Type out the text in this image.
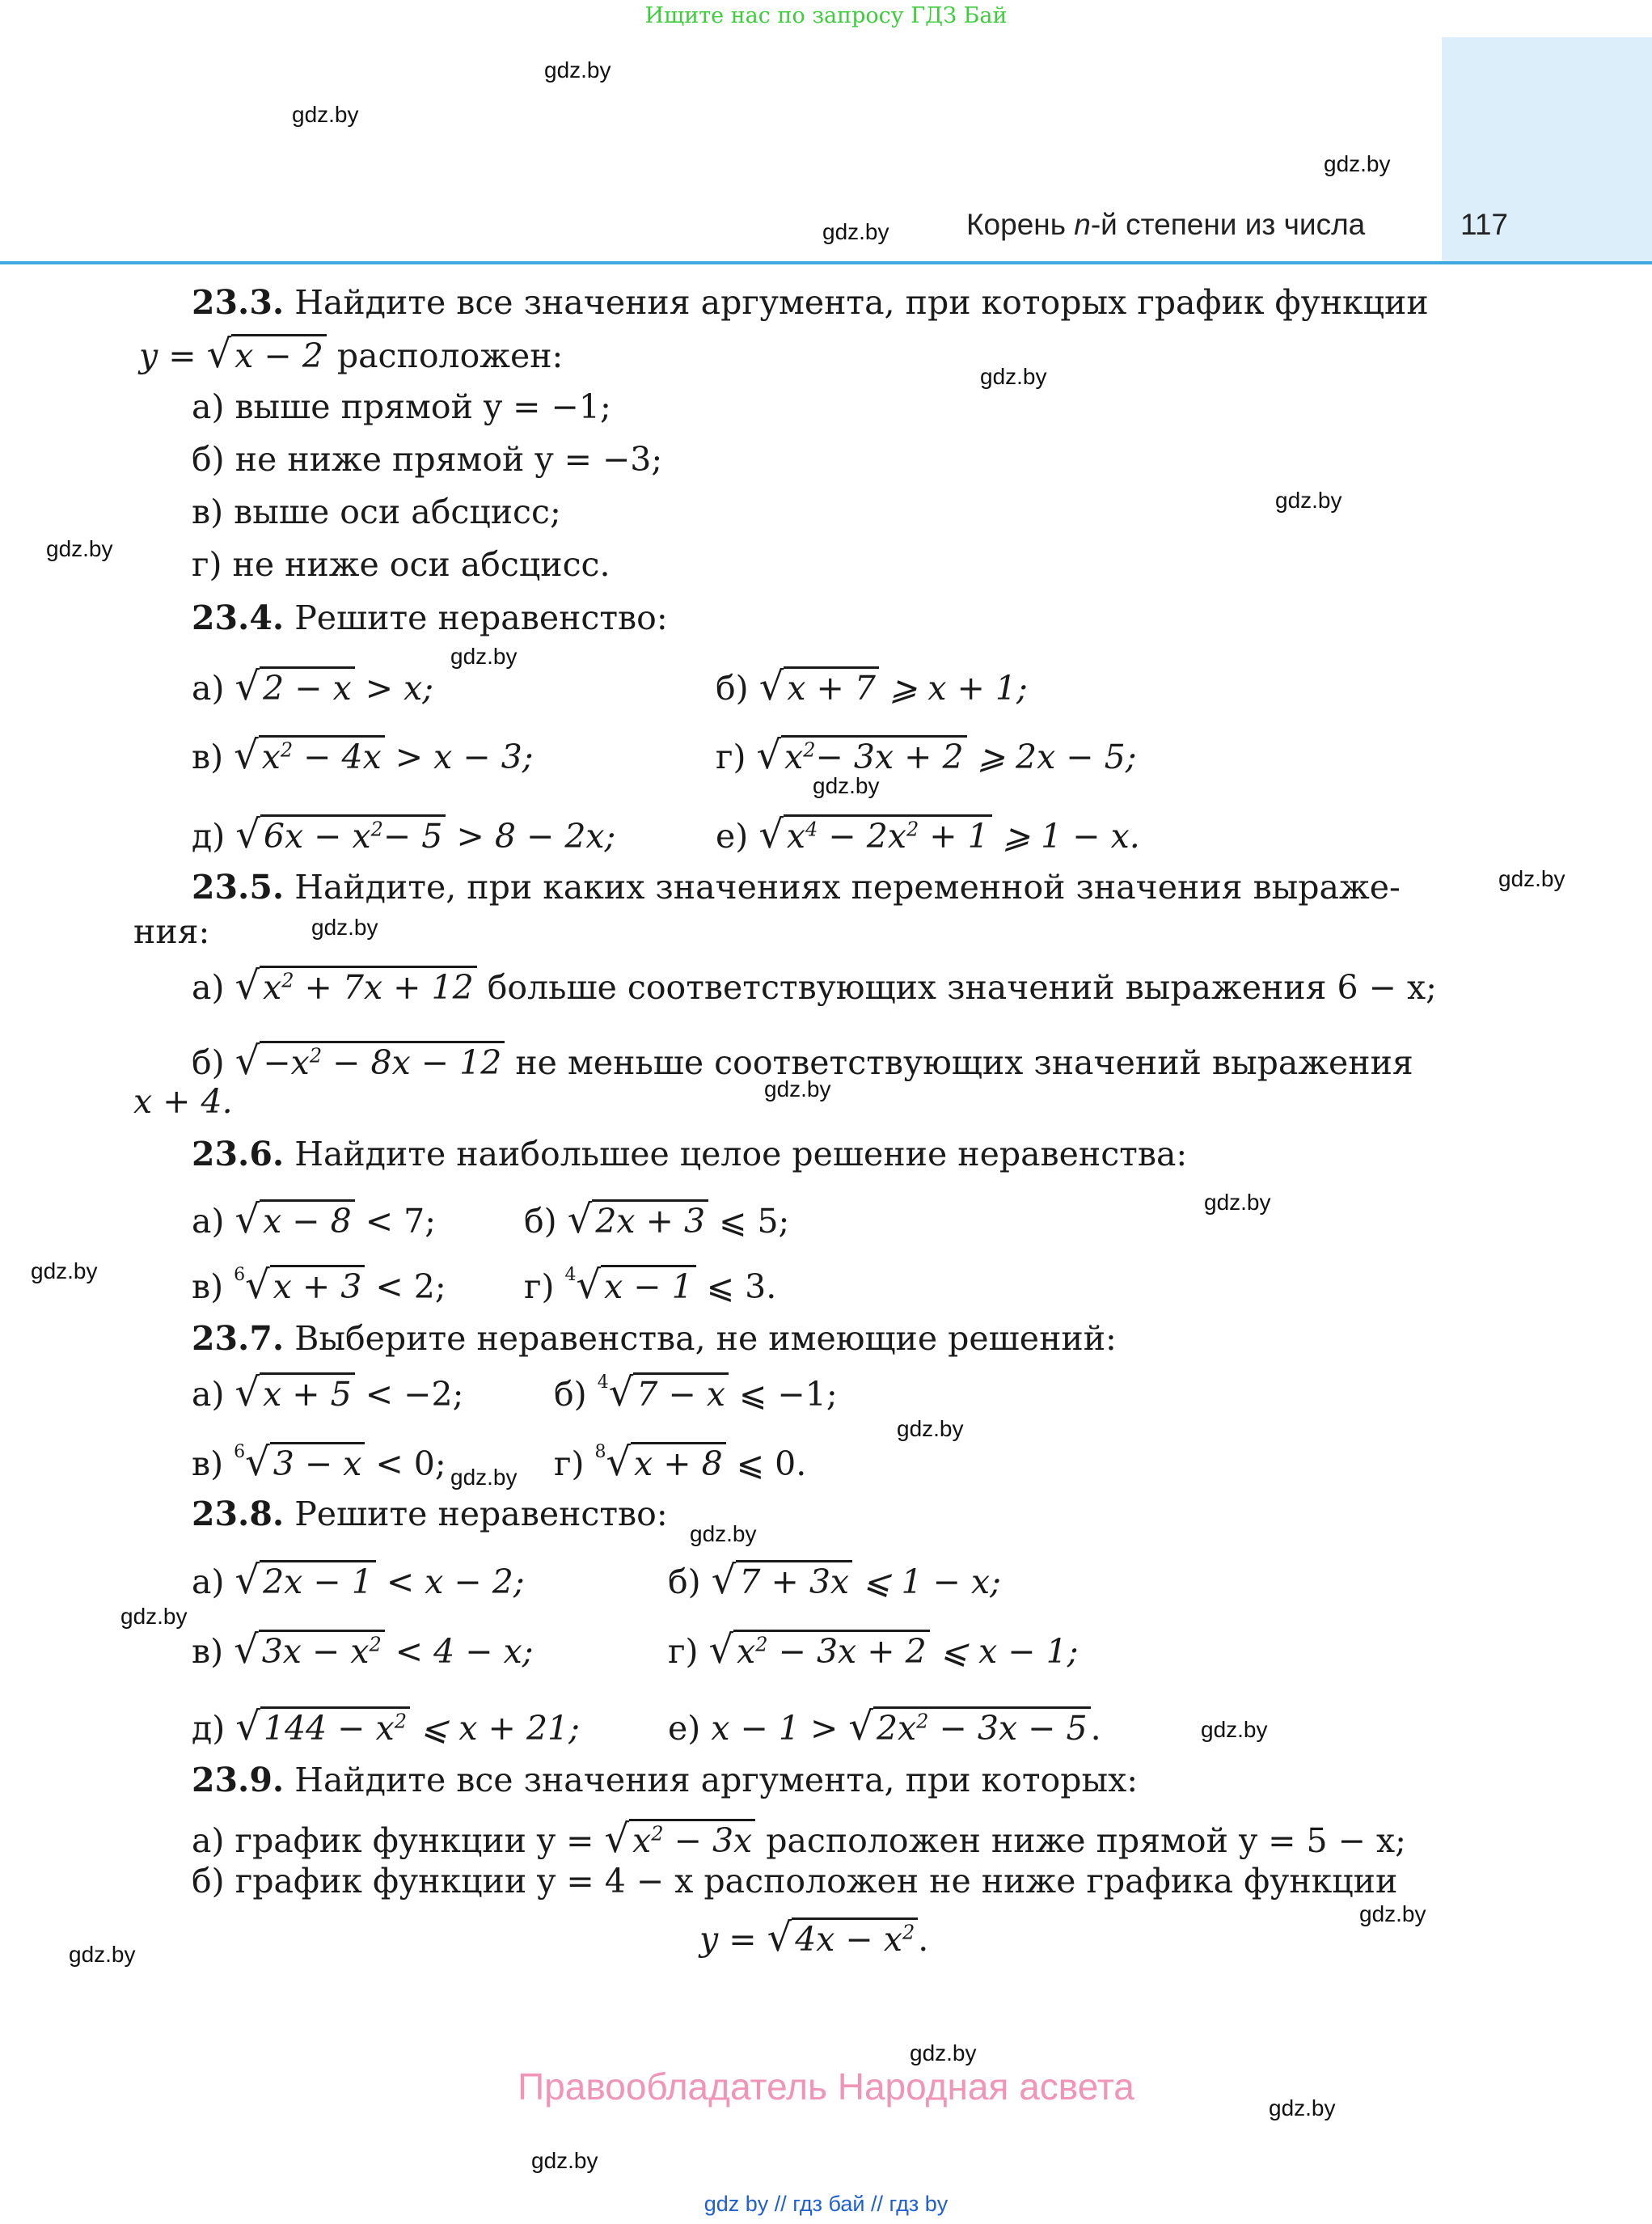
Ищите нас по запросу ГДЗ Бай
Корень n-й степени из числа	117
gdz.by
gdz.by
gdz.by
gdz.by
gdz.by
gdz.by
gdz.by
gdz.by
gdz.by
gdz.by
gdz.by
gdz.by
gdz.by
gdz.by
gdz.by
gdz.by
gdz.by
gdz.by
gdz.by
gdz.by
gdz.by
gdz.by
gdz.by
gdz.by
23.3. Найдите все значения аргумента, при которых график функции
y = √x − 2 расположен:
а) выше прямой y = −1;
б) не ниже прямой y = −3;
в) выше оси абсцисс;
г) не ниже оси абсцисс.
23.4. Решите неравенство:
а) √2 − x > x;	б) √x + 7 ⩾ x + 1;
в) $√x^2 - 4x > x - 3$;	г) $√x^2- 3x + 2$ ⩾ 2x − 5;
д) $√6x - x^2- 5 > 8 - 2x$;	е) $√x^4 - 2x^2 + 1$ ⩾ 1 − x.
23.5. Найдите, при каких значениях переменной значения выраже-
ния:
а) $√x^2 + 7x + 12$ больше соответствующих значений выражения 6 − x;
б) $√-x^2 - 8x - 12$ не меньше соответствующих значений выражения
x + 4.
23.6. Найдите наибольшее целое решение неравенства:
а) √x − 8 < 7;	б) √2x + 3 ⩽ 5;
в) $^6$√x + 3 < 2; г) $^4$√x − 1 ⩽ 3.
23.7. Выберите неравенства, не имеющие решений:
а) √x + 5 < −2;	б) $^4$√7 − x ⩽ −1;
в) $^6$√3 − x < 0;	г) $^8$√x + 8 ⩽ 0.
23.8. Решите неравенство:
а) √2x − 1 < x − 2;	б) √7 + 3x ⩽ 1 − x;
в) $√3x - x^2 < 4 - x$;	г) $√x^2 - 3x + 2$ ⩽ x − 1;
д) $√144 - x^2$ ⩽ x + 21;	е) $x - 1 > √2x^2 - 3x - 5$.
23.9. Найдите все значения аргумента, при которых:
а) график функции $y = √x^2 - 3x$ расположен ниже прямой y = 5 − x;
б) график функции y = 4 − x расположен не ниже графика функции
$y = √4x - x^2$.
Правообладатель Народная асвета
gdz by // гдз бай // гдз by
